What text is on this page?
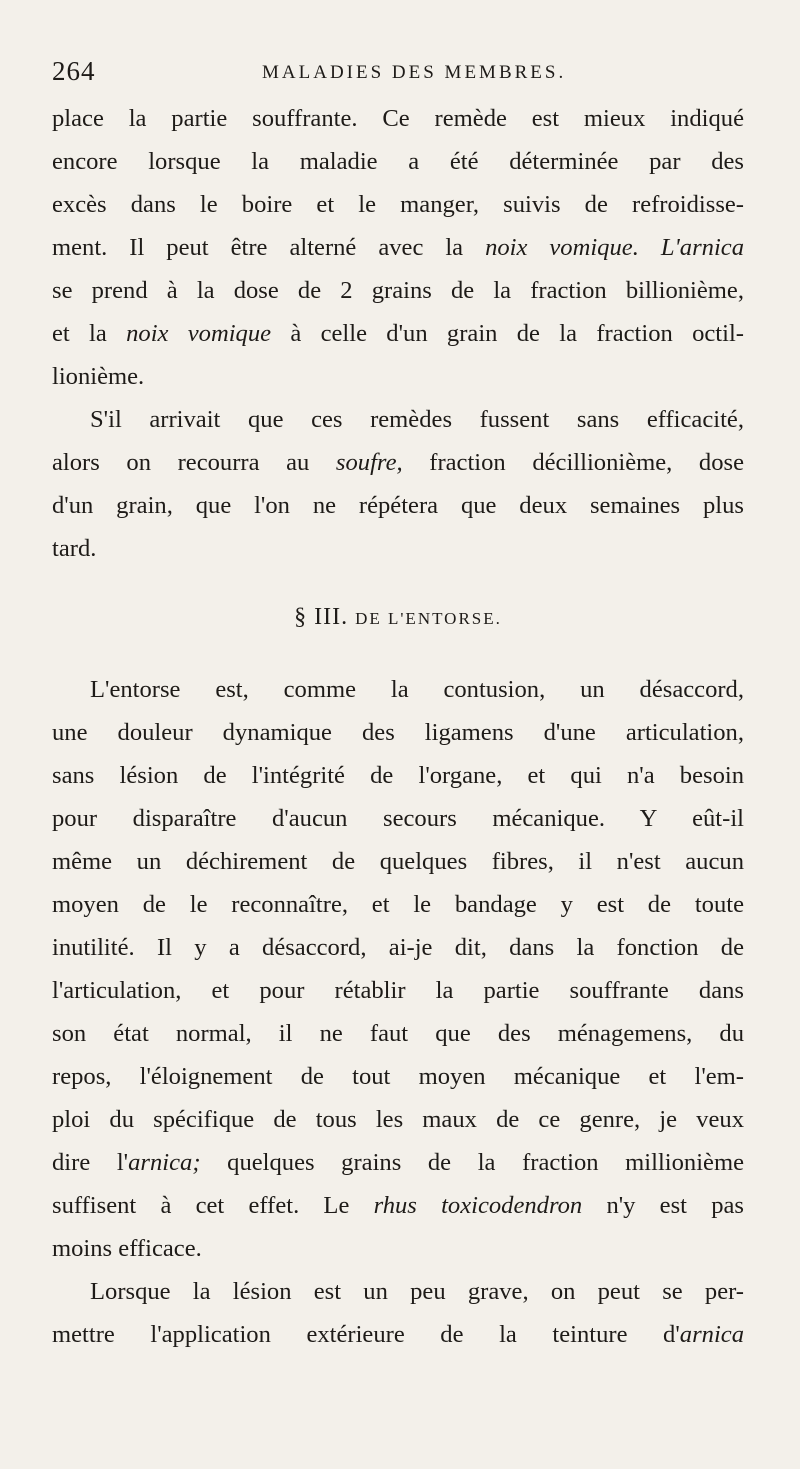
264	MALADIES DES MEMBRES.
place la partie souffrante. Ce remède est mieux indiqué
encore lorsque la maladie a été déterminée par des
excès dans le boire et le manger, suivis de refroidisse-
ment. Il peut être alterné avec la noix vomique. L'arnica
se prend à la dose de 2 grains de la fraction billionième,
et la noix vomique à celle d'un grain de la fraction octil-
lionième.
S'il arrivait que ces remèdes fussent sans efficacité,
alors on recourra au soufre, fraction décillionième, dose
d'un grain, que l'on ne répétera que deux semaines plus
tard.
§ III. DE L'ENTORSE.
L'entorse est, comme la contusion, un désaccord,
une douleur dynamique des ligamens d'une articulation,
sans lésion de l'intégrité de l'organe, et qui n'a besoin
pour disparaître d'aucun secours mécanique. Y eût-il
même un déchirement de quelques fibres, il n'est aucun
moyen de le reconnaître, et le bandage y est de toute
inutilité. Il y a désaccord, ai-je dit, dans la fonction de
l'articulation, et pour rétablir la partie souffrante dans
son état normal, il ne faut que des ménagemens, du
repos, l'éloignement de tout moyen mécanique et l'em-
ploi du spécifique de tous les maux de ce genre, je veux
dire l'arnica; quelques grains de la fraction millionième
suffisent à cet effet. Le rhus toxicodendron n'y est pas
moins efficace.
Lorsque la lésion est un peu grave, on peut se per-
mettre l'application extérieure de la teinture d'arnica
